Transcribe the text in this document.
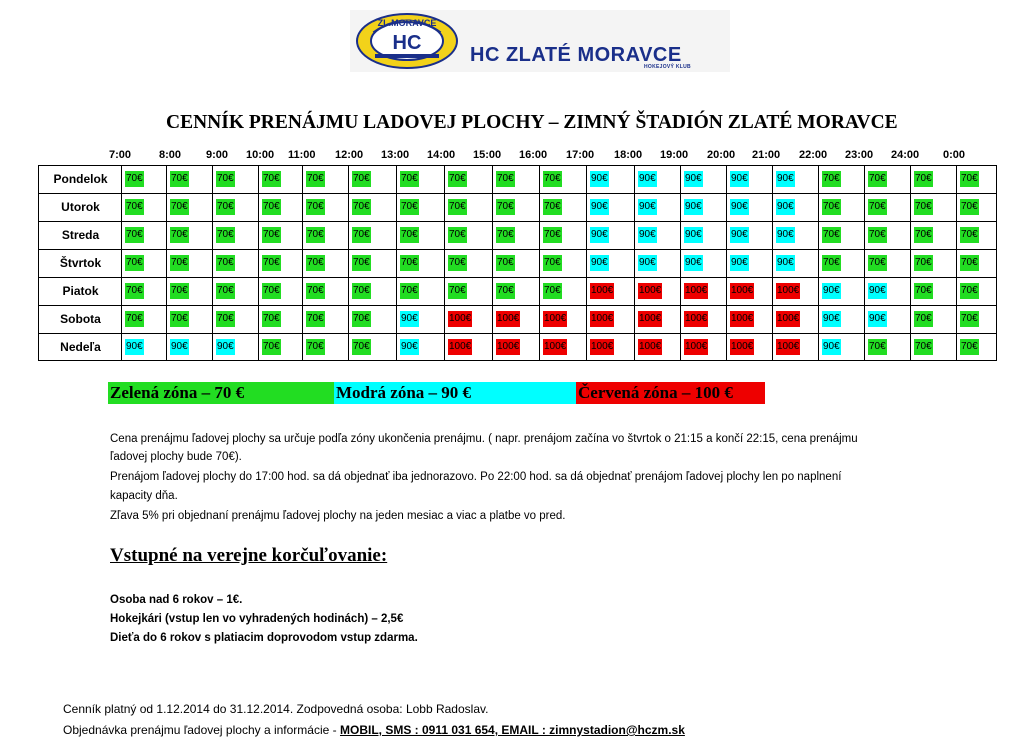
ZL.MORAVCE
HC
HC ZLATÉ MORAVCE
HOKEJOVÝ KLUB
CENNÍK PRENÁJMU LADOVEJ PLOCHY – ZIMNÝ ŠTADIÓN ZLATÉ MORAVCE
7:00	8:00 9:00 10:00 11:00 12:00 13:00 14:00 15:00 16:00 17:00 18:00 19:00 20:00 21:00 22:00 23:00 24:00 0:00
Pondelok	70€	70€	70€	70€	70€	70€	70€	70€	70€	70€	90€	90€	90€	90€	90€	70€	70€	70€	70€
Utorok	70€	70€	70€	70€	70€	70€	70€	70€	70€	70€	90€	90€	90€	90€	90€	70€	70€	70€	70€
Streda	70€	70€	70€	70€	70€	70€	70€	70€	70€	70€	90€	90€	90€	90€	90€	70€	70€	70€	70€
Štvrtok	70€	70€	70€	70€	70€	70€	70€	70€	70€	70€	90€	90€	90€	90€	90€	70€	70€	70€	70€
Piatok	70€	70€	70€	70€	70€	70€	70€	70€	70€	70€	100€	100€ 100€ 100€ 100€ 90€	90€	70€	70€
Sobota	70€	70€	70€	70€	70€	70€	90€	100€	100€ 100€ 100€	100€ 100€ 100€ 100€ 90€	90€	70€	70€
Nedeľa	90€	90€	90€	70€	70€	70€	90€	100€	100€ 100€ 100€	100€ 100€ 100€ 100€ 90€	70€	70€	70€
Zelená zóna – 70 €	Modrá zóna – 90 €	Červená zóna – 100 €
Cena prenájmu ľadovej plochy sa určuje podľa zóny ukončenia prenájmu. ( napr. prenájom začína vo štvrtok o 21:15 a končí 22:15, cena prenájmu
ľadovej plochy bude 70€).
Prenájom ľadovej plochy do 17:00 hod. sa dá objednať iba jednorazovo. Po 22:00 hod. sa dá objednať prenájom ľadovej plochy len po naplnení
kapacity dňa.
Zľava 5% pri objednaní prenájmu ľadovej plochy na jeden mesiac a viac a platbe vo pred.
Vstupné na verejne korčuľovanie:
Osoba nad 6 rokov – 1€.
Hokejkári (vstup len vo vyhradených hodinách) – 2,5€
Dieťa do 6 rokov s platiacim doprovodom vstup zdarma.
Cenník platný od 1.12.2014 do 31.12.2014. Zodpovedná osoba: Lobb Radoslav.
Objednávka prenájmu ľadovej plochy a informácie - MOBIL, SMS : 0911 031 654, EMAIL : zimnystadion@hczm.sk
